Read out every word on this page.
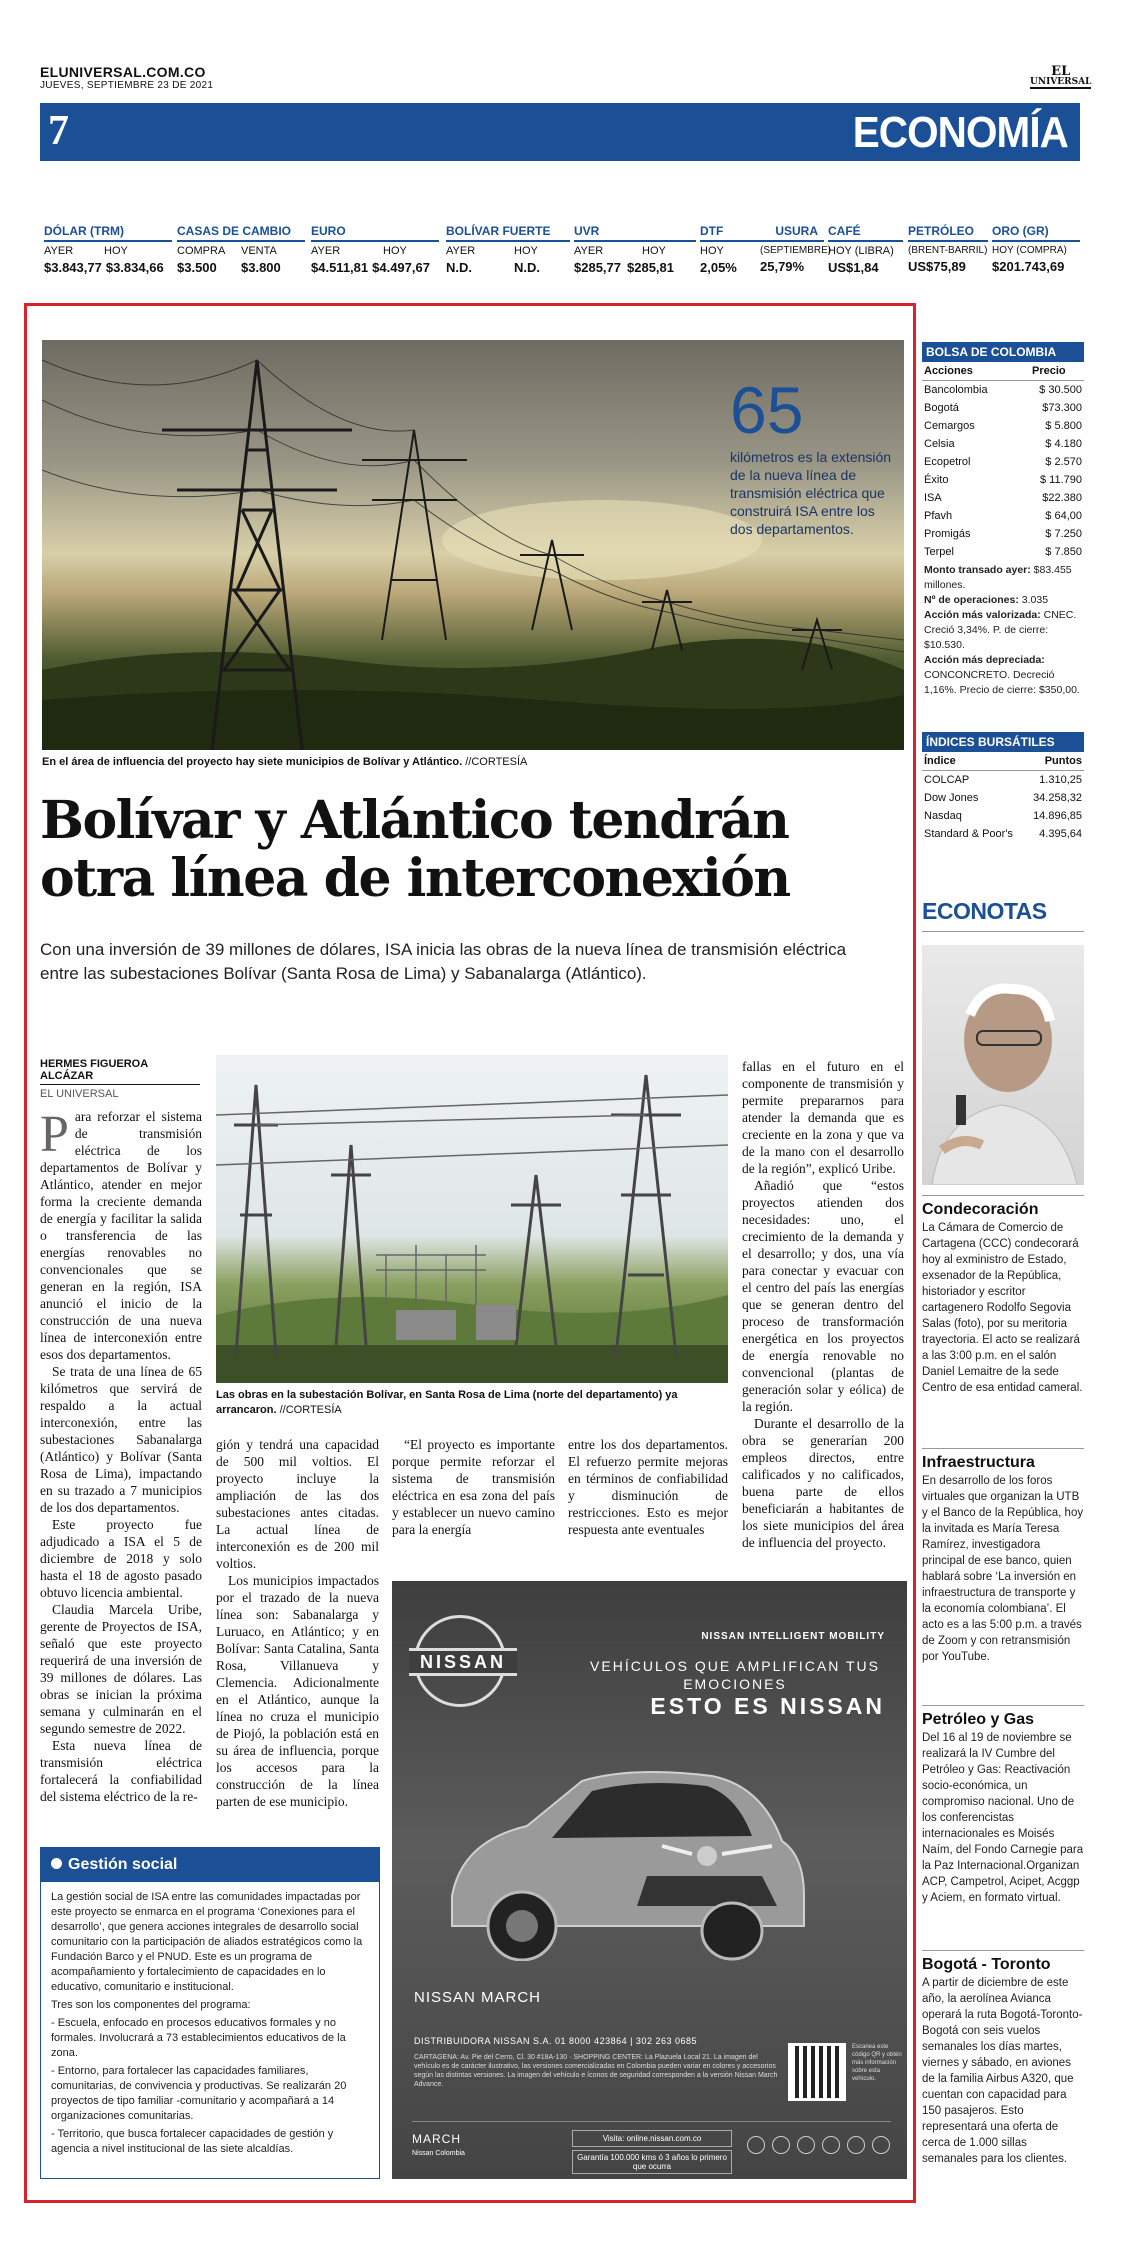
ELUNIVERSAL.COM.CO
JUEVES, SEPTIEMBRE 23 DE 2021
EL
UNIVERSAL
7	ECONOMÍA
DÓLAR (TRM)
AYER	HOY
$3.843,77 $3.834,66
CASAS DE CAMBIO
COMPRA	VENTA
$3.500	$3.800
EURO
AYER	HOY
$4.511,81 $4.497,67
BOLÍVAR FUERTE
AYER	HOY
N.D.	N.D.
UVR
AYER	HOY
$285,77 $285,81
DTF
HOY
2,05%
USURA
(SEPTIEMBRE)
25,79%
CAFÉ
HOY (LIBRA)
US$1,84
PETRÓLEO
(BRENT-BARRIL)
US$75,89
ORO (GR)
HOY (COMPRA)
$201.743,69
65
kilómetros es la extensión de la nueva línea de transmisión eléctrica que construirá ISA entre los dos departamentos.
En el área de influencia del proyecto hay siete municipios de Bolívar y Atlántico. //CORTESÍA
Bolívar y Atlántico tendrán otra línea de interconexión

Con una inversión de 39 millones de dólares, ISA inicia las obras de la nueva línea de transmisión eléctrica entre las subestaciones Bolívar (Santa Rosa de Lima) y Sabanalarga (Atlántico).

HERMES FIGUEROA ALCÁZAR
EL UNIVERSAL
P ara reforzar el sistema de transmisión eléctrica de los departamentos de Bolívar y Atlántico, atender en mejor forma la creciente demanda de energía y facilitar la salida o transferencia de las energías renovables no convencionales que se generan en la región, ISA anunció el inicio de la construcción de una nueva línea de interconexión entre esos dos departamentos.

Se trata de una línea de 65 kilómetros que servirá de respaldo a la actual interconexión, entre las subestaciones Sabanalarga (Atlántico) y Bolívar (Santa Rosa de Lima), impactando en su trazado a 7 municipios de los dos departamentos.

Este proyecto fue adjudicado a ISA el 5 de diciembre de 2018 y solo hasta el 18 de agosto pasado obtuvo licencia ambiental.

Claudia Marcela Uribe, gerente de Proyectos de ISA, señaló que este proyecto requerirá de una inversión de 39 millones de dólares. Las obras se inician la próxima semana y culminarán en el segundo semestre de 2022.

Esta nueva línea de transmisión eléctrica fortalecerá la confiabilidad del sistema eléctrico de la re-

Las obras en la subestación Bolívar, en Santa Rosa de Lima (norte del departamento) ya arrancaron. //CORTESÍA

gión y tendrá una capacidad de 500 mil voltios. El proyecto incluye la ampliación de las dos subestaciones antes citadas. La actual línea de interconexión es de 200 mil voltios.

Los municipios impactados por el trazado de la nueva línea son: Sabanalarga y Luruaco, en Atlántico; y en Bolívar: Santa Catalina, Santa Rosa, Villanueva y Clemencia. Adicionalmente en el Atlántico, aunque la línea no cruza el municipio de Piojó, la población está en su área de influencia, porque los accesos para la construcción de la línea parten de ese municipio.

“El proyecto es importante porque permite reforzar el sistema de transmisión eléctrica en esa zona del país y establecer un nuevo camino para la energía

entre los dos departamentos. El refuerzo permite mejoras en términos de confiabilidad y disminución de restricciones. Esto es mejor respuesta ante eventuales

fallas en el futuro en el componente de transmisión y permite prepararnos para atender la demanda que es creciente en la zona y que va de la mano con el desarrollo de la región”, explicó Uribe.

Añadió que “estos proyectos atienden dos necesidades: uno, el crecimiento de la demanda y el desarrollo; y dos, una vía para conectar y evacuar con el centro del país las energías que se generan dentro del proceso de transformación energética en los proyectos de energía renovable no convencional (plantas de generación solar y eólica) de la región.

Durante el desarrollo de la obra se generarían 200 empleos directos, entre calificados y no calificados, buena parte de ellos beneficiarán a habitantes de los siete municipios del área de influencia del proyecto.

Gestión social

La gestión social de ISA entre las comunidades impactadas por este proyecto se enmarca en el programa ‘Conexiones para el desarrollo’, que genera acciones integrales de desarrollo social comunitario con la participación de aliados estratégicos como la Fundación Barco y el PNUD. Este es un programa de acompañamiento y fortalecimiento de capacidades en lo educativo, comunitario e institucional.

Tres son los componentes del programa:

- Escuela, enfocado en procesos educativos formales y no formales. Involucrará a 73 establecimientos educativos de la zona.

- Entorno, para fortalecer las capacidades familiares, comunitarias, de convivencia y productivas. Se realizarán 20 proyectos de tipo familiar -comunitario y acompañará a 14 organizaciones comunitarias.

- Territorio, que busca fortalecer capacidades de gestión y agencia a nivel institucional de las siete alcaldías.

NISSAN
NISSAN INTELLIGENT MOBILITY
VEHÍCULOS QUE AMPLIFICAN TUS EMOCIONES
ESTO ES NISSAN
NISSAN MARCH
DISTRIBUIDORA NISSAN S.A. 01 8000 423864 | 302 263 0685
CARTAGENA: Av. Pie del Cerro, Cl. 30 #18A-130 · SHOPPING CENTER: La Plazuela Local 21. La imagen del vehículo es de carácter ilustrativo, las versiones comercializadas en Colombia pueden variar en colores y accesorios según las distintas versiones. La imagen del vehículo e íconos de seguridad corresponden a la versión Nissan March Advance.
Escanea este código QR y obtén más información sobre esta vehículo.
MARCH
Nissan Colombia
Visita: online.nissan.com.co
Garantía 100.000 kms ó 3 años lo primero que ocurra
BOLSA DE COLOMBIA
Acciones	Precio
Bancolombia	$ 30.500
Bogotá	$73.300
Cemargos	$ 5.800
Celsia	$ 4.180
Ecopetrol	$ 2.570
Éxito	$ 11.790
ISA	$22.380
Pfavh	$ 64,00
Promigás	$ 7.250
Terpel	$ 7.850
Monto transado ayer: $83.455 millones.
Nº de operaciones: 3.035
Acción más valorizada: CNEC. Creció 3,34%. P. de cierre: $10.530.
Acción más depreciada: CONCONCRETO. Decreció 1,16%. Precio de cierre: $350,00.
ÍNDICES BURSÁTILES
Índice	Puntos
COLCAP	1.310,25
Dow Jones	34.258,32
Nasdaq	14.896,85
Standard & Poor's 4.395,64
ECONOTAS
Condecoración
La Cámara de Comercio de Cartagena (CCC) condecorará hoy al exministro de Estado, exsenador de la República, historiador y escritor cartagenero Rodolfo Segovia Salas (foto), por su meritoria trayectoria. El acto se realizará a las 3:00 p.m. en el salón Daniel Lemaitre de la sede Centro de esa entidad cameral.
Infraestructura
En desarrollo de los foros virtuales que organizan la UTB y el Banco de la República, hoy la invitada es María Teresa Ramírez, investigadora principal de ese banco, quien hablará sobre ‘La inversión en infraestructura de transporte y la economía colombiana’. El acto es a las 5:00 p.m. a través de Zoom y con retransmisión por YouTube.
Petróleo y Gas
Del 16 al 19 de noviembre se realizará la IV Cumbre del Petróleo y Gas: Reactivación socio-económica, un compromiso nacional. Uno de los conferencistas internacionales es Moisés Naím, del Fondo Carnegie para la Paz Internacional.Organizan ACP, Campetrol, Acipet, Acggp y Aciem, en formato virtual.
Bogotá - Toronto
A partir de diciembre de este año, la aerolínea Avianca operará la ruta Bogotá-Toronto-Bogotá con seis vuelos semanales los días martes, viernes y sábado, en aviones de la familia Airbus A320, que cuentan con capacidad para 150 pasajeros. Esto representará una oferta de cerca de 1.000 sillas semanales para los clientes.
